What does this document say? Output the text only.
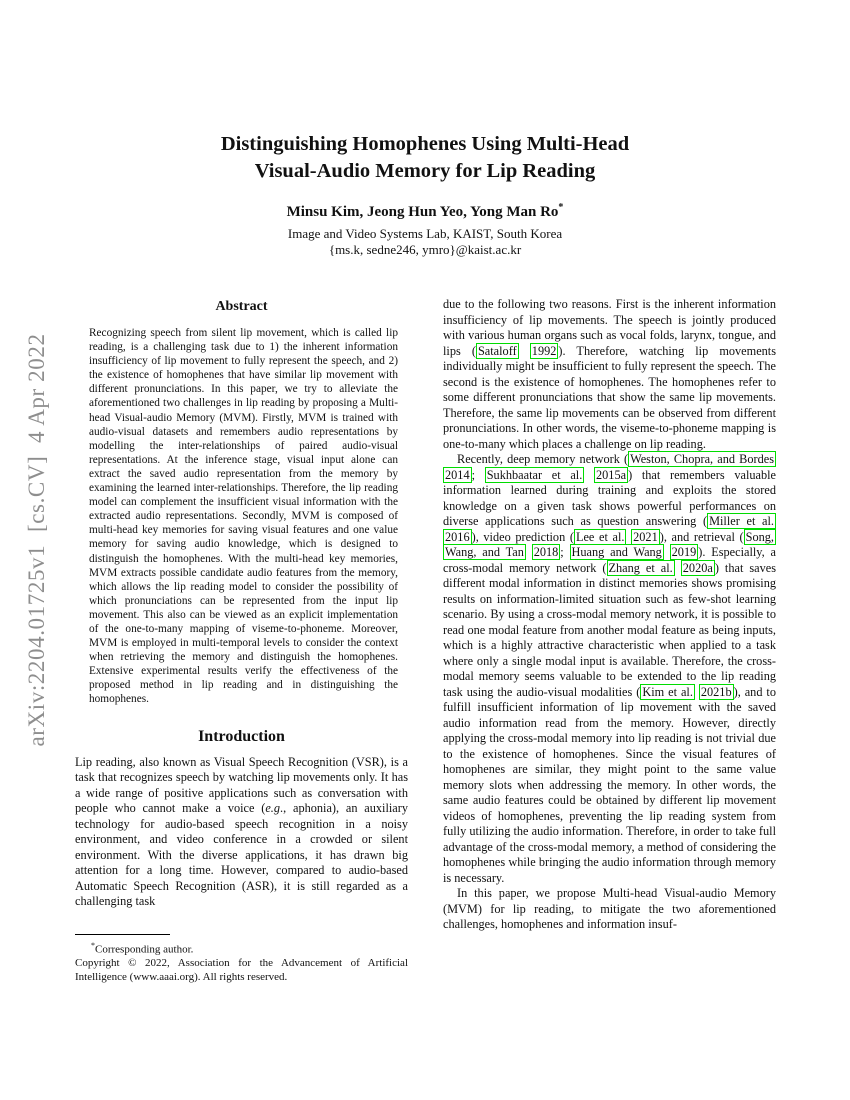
arXiv:2204.01725v1  [cs.CV]  4 Apr 2022
Distinguishing Homophenes Using Multi-Head
Visual-Audio Memory for Lip Reading
Minsu Kim, Jeong Hun Yeo, Yong Man Ro*
Image and Video Systems Lab, KAIST, South Korea
{ms.k, sedne246, ymro}@kaist.ac.kr
Abstract

Recognizing speech from silent lip movement, which is called lip reading, is a challenging task due to 1) the inherent information insufficiency of lip movement to fully represent the speech, and 2) the existence of homophenes that have similar lip movement with different pronunciations. In this paper, we try to alleviate the aforementioned two challenges in lip reading by proposing a Multi-head Visual-audio Memory (MVM). Firstly, MVM is trained with audio-visual datasets and remembers audio representations by modelling the inter-relationships of paired audio-visual representations. At the inference stage, visual input alone can extract the saved audio representation from the memory by examining the learned inter-relationships. Therefore, the lip reading model can complement the insufficient visual information with the extracted audio representations. Secondly, MVM is composed of multi-head key memories for saving visual features and one value memory for saving audio knowledge, which is designed to distinguish the homophenes. With the multi-head key memories, MVM extracts possible candidate audio features from the memory, which allows the lip reading model to consider the possibility of which pronunciations can be represented from the input lip movement. This also can be viewed as an explicit implementation of the one-to-many mapping of viseme-to-phoneme. Moreover, MVM is employed in multi-temporal levels to consider the context when retrieving the memory and distinguish the homophenes. Extensive experimental results verify the effectiveness of the proposed method in lip reading and in distinguishing the homophenes.

Introduction

Lip reading, also known as Visual Speech Recognition (VSR), is a task that recognizes speech by watching lip movements only. It has a wide range of positive applications such as conversation with people who cannot make a voice (e.g., aphonia), an auxiliary technology for audio-based speech recognition in a noisy environment, and video conference in a crowded or silent environment. With the diverse applications, it has drawn big attention for a long time. However, compared to audio-based Automatic Speech Recognition (ASR), it is still regarded as a challenging task

due to the following two reasons. First is the inherent information insufficiency of lip movements. The speech is jointly produced with various human organs such as vocal folds, larynx, tongue, and lips ( Sataloff 1992 ). Therefore, watching lip movements individually might be insufficient to fully represent the speech. The second is the existence of homophenes. The homophenes refer to some different pronunciations that show the same lip movements. Therefore, the same lip movements can be observed from different pronunciations. In other words, the viseme-to-phoneme mapping is one-to-many which places a challenge on lip reading.

Recently, deep memory network ( Weston, Chopra, and Bordes 2014 ; Sukhbaatar et al. 2015a ) that remembers valuable information learned during training and exploits the stored knowledge on a given task shows powerful performances on diverse applications such as question answering ( Miller et al. 2016 ), video prediction ( Lee et al. 2021 ), and retrieval ( Song, Wang, and Tan 2018 ; Huang and Wang 2019 ). Especially, a cross-modal memory network ( Zhang et al. 2020a ) that saves different modal information in distinct memories shows promising results on information-limited situation such as few-shot learning scenario. By using a cross-modal memory network, it is possible to read one modal feature from another modal feature as being inputs, which is a highly attractive characteristic when applied to a task where only a single modal input is available. Therefore, the cross-modal memory seems valuable to be extended to the lip reading task using the audio-visual modalities ( Kim et al. 2021b ), and to fulfill insufficient information of lip movement with the saved audio information read from the memory. However, directly applying the cross-modal memory into lip reading is not trivial due to the existence of homophenes. Since the visual features of homophenes are similar, they might point to the same value memory slots when addressing the memory. In other words, the same audio features could be obtained by different lip movement videos of homophenes, preventing the lip reading system from fully utilizing the audio information. Therefore, in order to take full advantage of the cross-modal memory, a method of considering the homophenes while bringing the audio information through memory is necessary.

In this paper, we propose Multi-head Visual-audio Memory (MVM) for lip reading, to mitigate the two aforementioned challenges, homophenes and information insuf-

*Corresponding author.
Copyright © 2022, Association for the Advancement of Artificial Intelligence (www.aaai.org). All rights reserved.
